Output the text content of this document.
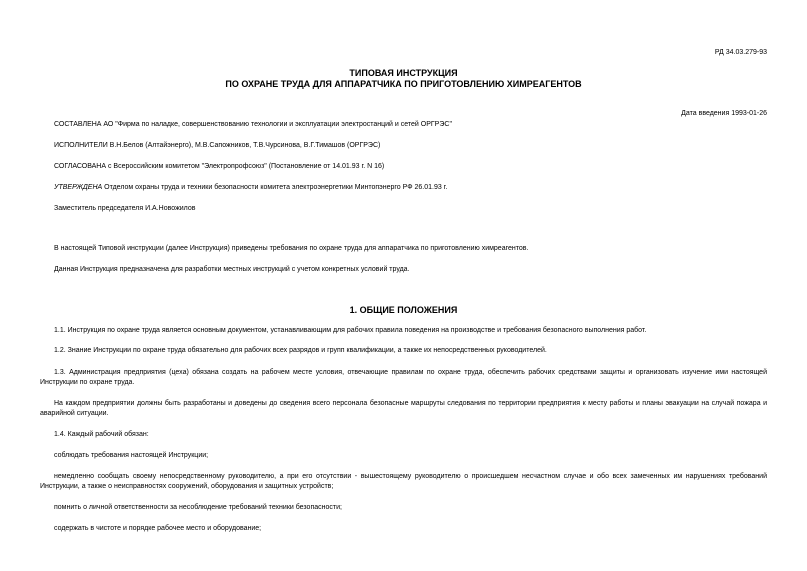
РД 34.03.279-93
ТИПОВАЯ ИНСТРУКЦИЯ
ПО ОХРАНЕ ТРУДА ДЛЯ АППАРАТЧИКА ПО ПРИГОТОВЛЕНИЮ ХИМРЕАГЕНТОВ
Дата введения 1993-01-26
СОСТАВЛЕНА АО "Фирма по наладке, совершенствованию технологии и эксплуатации электростанций и сетей ОРГРЭС"
ИСПОЛНИТЕЛИ В.Н.Белов (Алтайэнерго), М.В.Сапожников, Т.В.Чурсинова, В.Г.Тимашов (ОРГРЭС)
СОГЛАСОВАНА с Всероссийским комитетом "Электропрофсоюз" (Постановление от 14.01.93 г. N 16)
УТВЕРЖДЕНА Отделом охраны труда и техники безопасности комитета электроэнергетики Минтопэнерго РФ 26.01.93 г.
Заместитель председателя И.А.Новожилов
В настоящей Типовой инструкции (далее Инструкция) приведены требования по охране труда для аппаратчика по приготовлению химреагентов.
Данная Инструкция предназначена для разработки местных инструкций с учетом конкретных условий труда.
1. ОБЩИЕ ПОЛОЖЕНИЯ
1.1. Инструкция по охране труда является основным документом, устанавливающим для рабочих правила поведения на производстве и требования безопасного выполнения работ.
1.2. Знание Инструкции по охране труда обязательно для рабочих всех разрядов и групп квалификации, а также их непосредственных руководителей.
1.3. Администрация предприятия (цеха) обязана создать на рабочем месте условия, отвечающие правилам по охране труда, обеспечить рабочих средствами защиты и организовать изучение ими настоящей
Инструкции по охране труда.
На каждом предприятии должны быть разработаны и доведены до сведения всего персонала безопасные маршруты следования по территории предприятия к месту работы и планы эвакуации на случай пожара и
аварийной ситуации.
1.4. Каждый рабочий обязан:
соблюдать требования настоящей Инструкции;
немедленно сообщать своему непосредственному руководителю, а при его отсутствии - вышестоящему руководителю о происшедшем несчастном случае и обо всех замеченных им нарушениях требований
Инструкции, а также о неисправностях сооружений, оборудования и защитных устройств;
помнить о личной ответственности за несоблюдение требований техники безопасности;
содержать в чистоте и порядке рабочее место и оборудование;
